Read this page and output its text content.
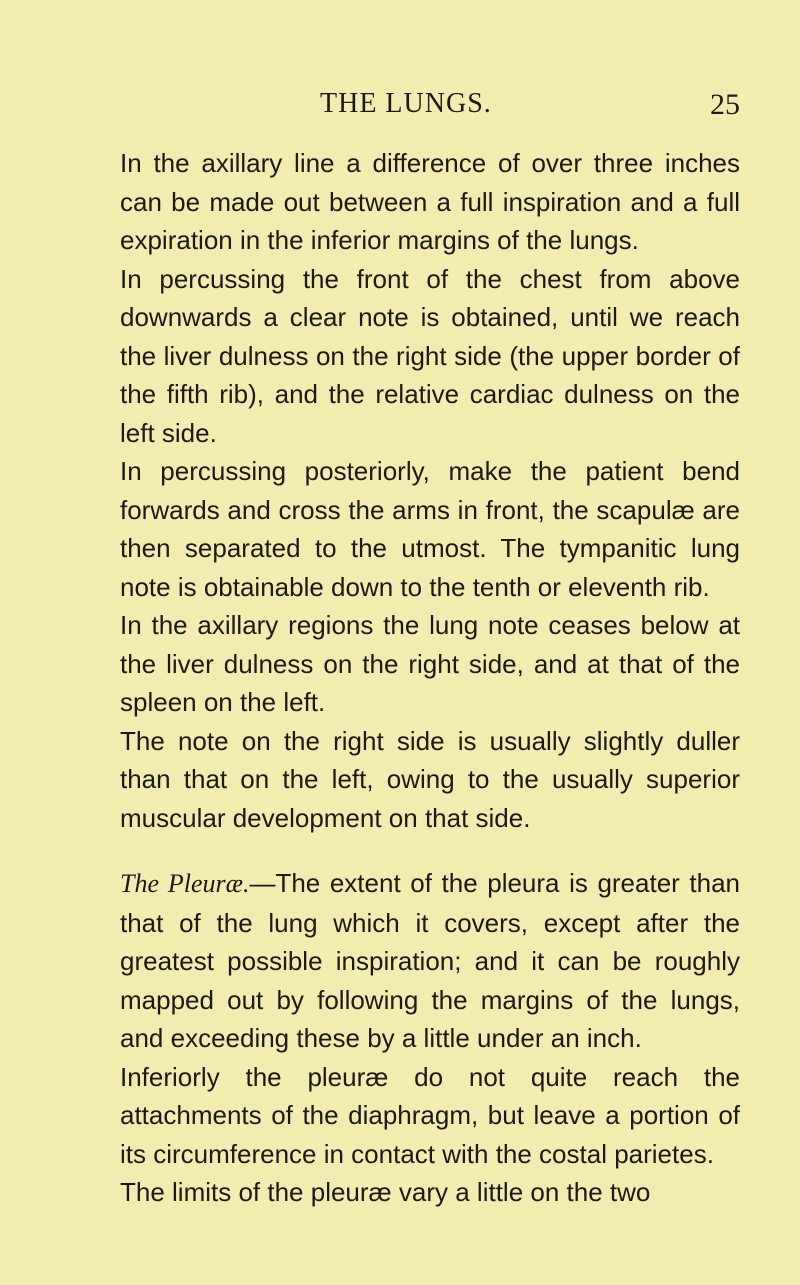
THE LUNGS.	25

In the axillary line a difference of over three inches can be made out between a full inspiration and a full expiration in the inferior margins of the lungs.

In percussing the front of the chest from above downwards a clear note is obtained, until we reach the liver dulness on the right side (the upper border of the fifth rib), and the relative cardiac dulness on the left side.

In percussing posteriorly, make the patient bend forwards and cross the arms in front, the scapulæ are then separated to the utmost. The tympanitic lung note is obtainable down to the tenth or eleventh rib.

In the axillary regions the lung note ceases below at the liver dulness on the right side, and at that of the spleen on the left.

The note on the right side is usually slightly duller than that on the left, owing to the usually superior muscular development on that side.

The Pleuræ.—The extent of the pleura is greater than that of the lung which it covers, except after the greatest possible inspiration; and it can be roughly mapped out by following the margins of the lungs, and exceeding these by a little under an inch.

Inferiorly the pleuræ do not quite reach the attachments of the diaphragm, but leave a portion of its circumference in contact with the costal parietes.

The limits of the pleuræ vary a little on the two
